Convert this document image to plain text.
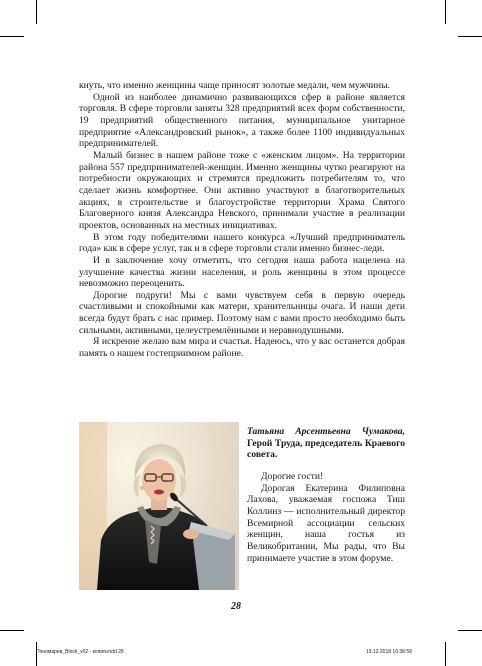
кнуть, что именно женщины чаще приносят золотые медали, чем мужчины.

Одной из наиболее динамично развивающихся сфер в районе является торговля. В сфере торговли заняты 328 предприятий всех форм собственности, 19 предприятий общественного питания, муниципальное унитарное предприятие «Александровский рынок», а также более 1100 индивидуальных предпринимателей.

Малый бизнес в нашем районе тоже с «женским лицом». На территории района 557 предпринимателей-женщин. Именно женщины чутко реагируют на потребности окружающих и стремятся предложить потребителям то, что сделает жизнь комфортнее. Они активно участвуют в благотворительных акциях, в строительстве и благоустройстве территории Храма Святого Благоверного князя Александра Невского, принимали участие в реализации проектов, основанных на местных инициативах.

В этом году победителями нашего конкурса «Лучший предприниматель года» как в сфере услуг, так и в сфере торговли стали именно бизнес-леди.

И в заключение хочу отметить, что сегодня наша работа нацелена на улучшение качества жизни населения, и роль женщины в этом процессе невозможно переоценить.

Дорогие подруги! Мы с вами чувствуем себя в первую очередь счастливыми и спокойными как матери, хранительницы очага. И наши дети всегда будут брать с нас пример. Поэтому нам с вами просто необходимо быть сильными, активными, целеустремлёнными и неравнодушными.

Я искренне желаю вам мира и счастья. Надеюсь, что у вас останется добрая память о нашем гостеприимном районе.

Татьяна Арсентьевна Чумакова, Герой Труда, председатель Краевого совета.

Дорогие гости!

Дорогая Екатерина Филиповна Лахова, уважаемая госпожа Тиш Коллинз — исполнительный директор Всемирной ассоциации сельских женщин, наша гостья из Великобритании, Мы рады, что Вы принимаете участие в этом форуме.

28
Пономарев_Block_v02 - копия.indd 28	19.12.2018 16:38:58
